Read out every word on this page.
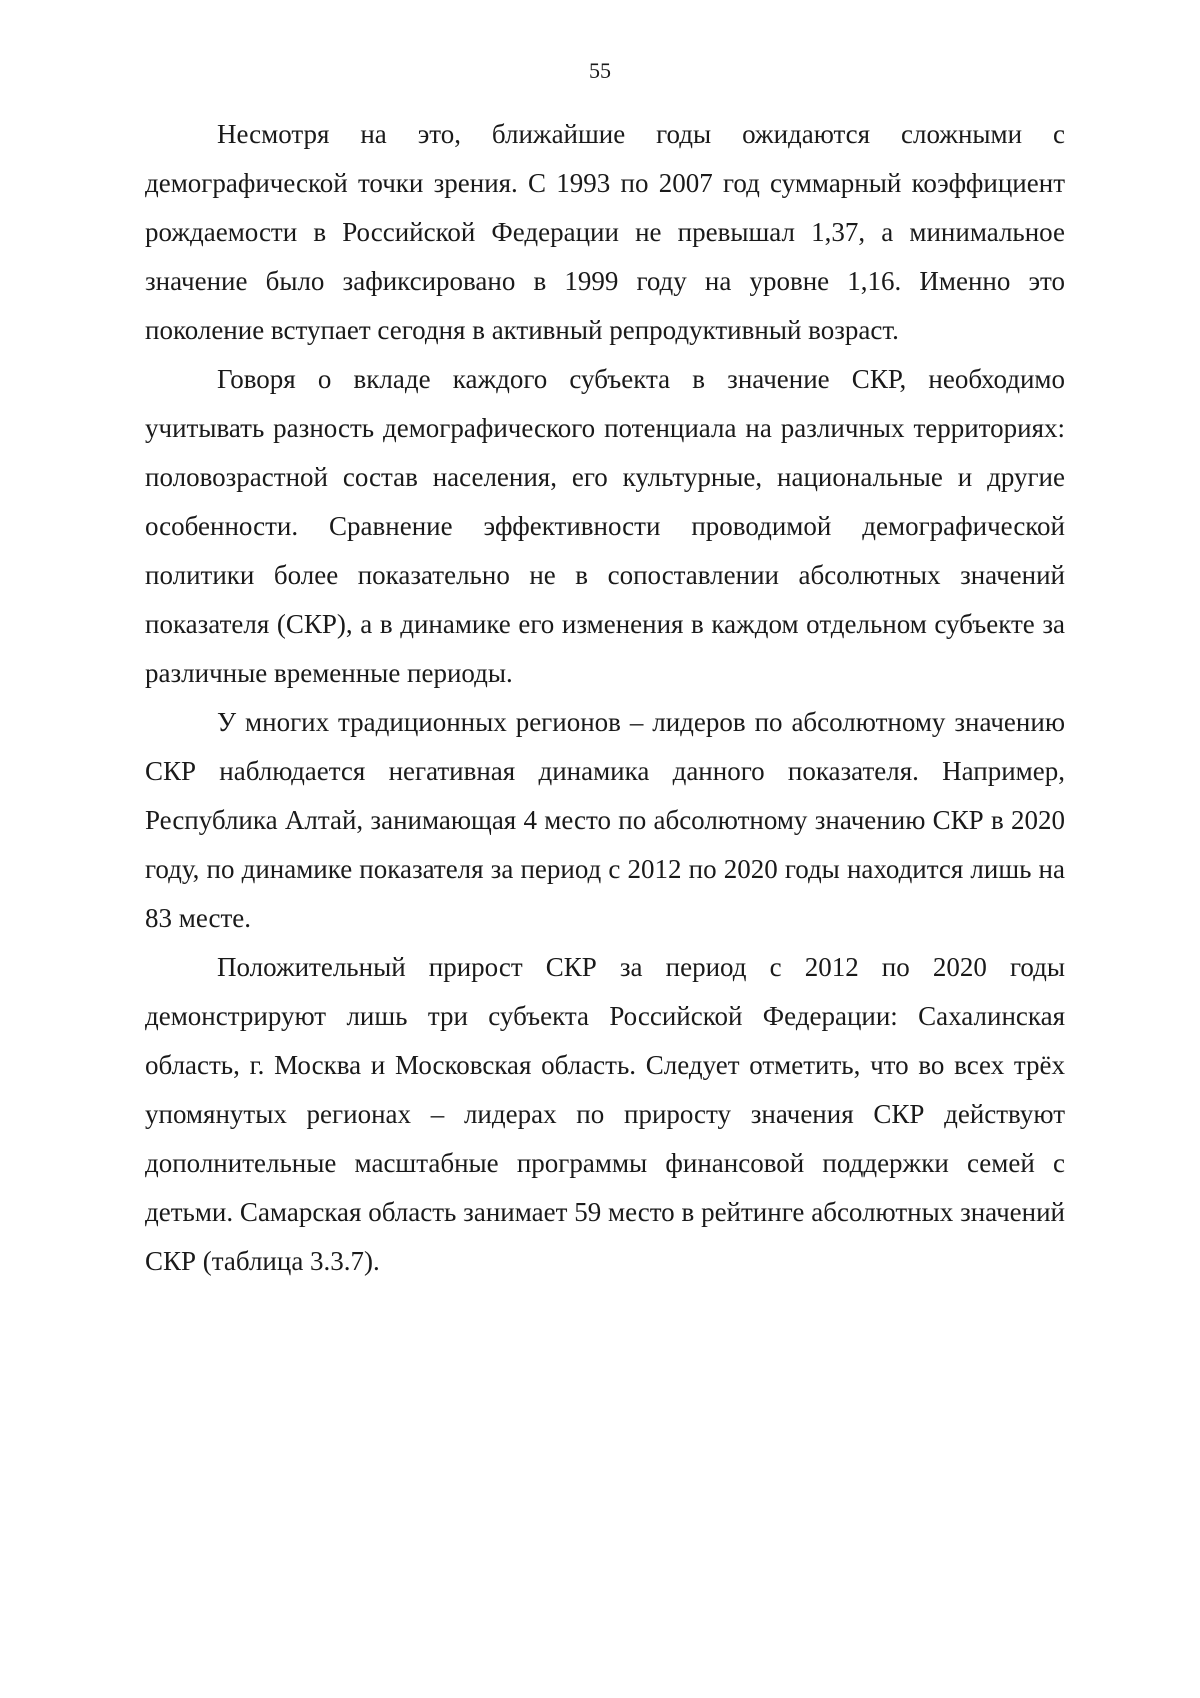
55

Несмотря на это, ближайшие годы ожидаются сложными с демографической точки зрения. С 1993 по 2007 год суммарный коэффициент рождаемости в Российской Федерации не превышал 1,37, а минимальное значение было зафиксировано в 1999 году на уровне 1,16. Именно это поколение вступает сегодня в активный репродуктивный возраст.

Говоря о вкладе каждого субъекта в значение СКР, необходимо учитывать разность демографического потенциала на различных территориях: половозрастной состав населения, его культурные, национальные и другие особенности. Сравнение эффективности проводимой демографической политики более показательно не в сопоставлении абсолютных значений показателя (СКР), а в динамике его изменения в каждом отдельном субъекте за различные временные периоды.

У многих традиционных регионов – лидеров по абсолютному значению СКР наблюдается негативная динамика данного показателя. Например, Республика Алтай, занимающая 4 место по абсолютному значению СКР в 2020 году, по динамике показателя за период с 2012 по 2020 годы находится лишь на 83 месте.

Положительный прирост СКР за период с 2012 по 2020 годы демонстрируют лишь три субъекта Российской Федерации: Сахалинская область, г. Москва и Московская область. Следует отметить, что во всех трёх упомянутых регионах – лидерах по приросту значения СКР действуют дополнительные масштабные программы финансовой поддержки семей с детьми. Самарская область занимает 59 место в рейтинге абсолютных значений СКР (таблица 3.3.7).
